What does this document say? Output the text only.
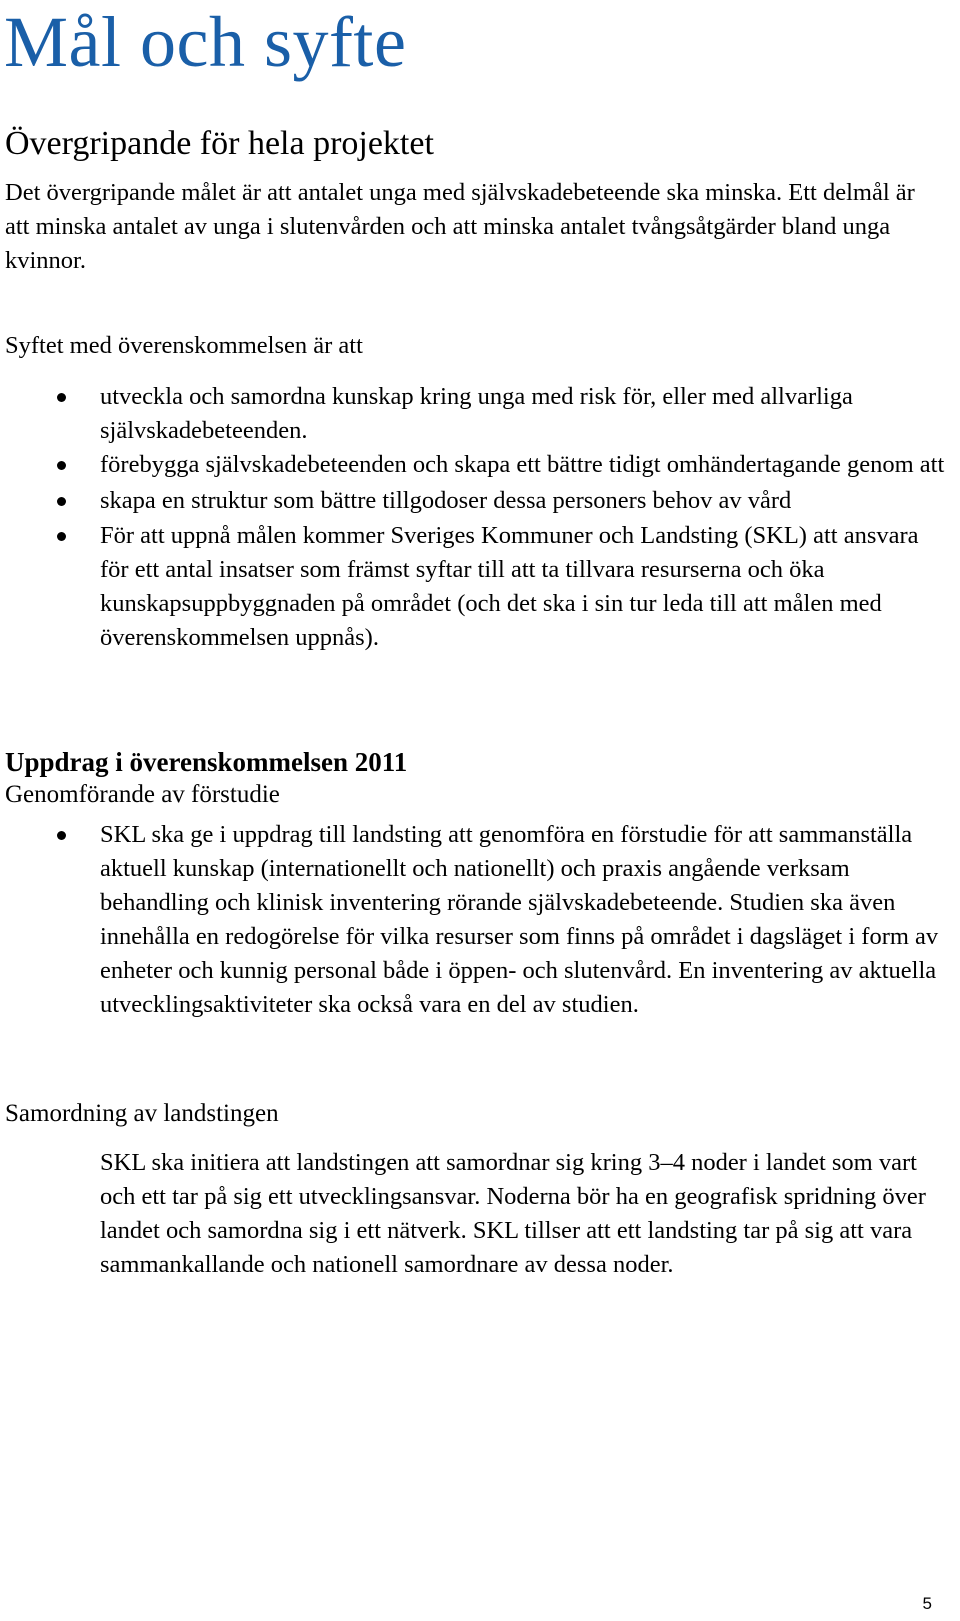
Mål och syfte
Övergripande för hela projektet

Det övergripande målet är att antalet unga med självskadebeteende ska minska. Ett delmål är att minska antalet av unga i slutenvården och att minska antalet tvångsåtgärder bland unga kvinnor.

Syftet med överenskommelsen är att

utveckla och samordna kunskap kring unga med risk för, eller med allvarliga självskadebeteenden.
förebygga självskadebeteenden och skapa ett bättre tidigt omhändertagande genom att
skapa en struktur som bättre tillgodoser dessa personers behov av vård
För att uppnå målen kommer Sveriges Kommuner och Landsting (SKL) att ansvara för ett antal insatser som främst syftar till att ta tillvara resurserna och öka kunskapsuppbyggnaden på området (och det ska i sin tur leda till att målen med överenskommelsen uppnås).
Uppdrag i överenskommelsen 2011
Genomförande av förstudie
SKL ska ge i uppdrag till landsting att genomföra en förstudie för att sammanställa aktuell kunskap (internationellt och nationellt) och praxis angående verksam behandling och klinisk inventering rörande självskadebeteende. Studien ska även innehålla en redogörelse för vilka resurser som finns på området i dagsläget i form av enheter och kunnig personal både i öppen- och slutenvård. En inventering av aktuella utvecklingsaktiviteter ska också vara en del av studien.
Samordning av landstingen

SKL ska initiera att landstingen att samordnar sig kring 3–4 noder i landet som vart och ett tar på sig ett utvecklingsansvar. Noderna bör ha en geografisk spridning över landet och samordna sig i ett nätverk. SKL tillser att ett landsting tar på sig att vara sammankallande och nationell samordnare av dessa noder.

5
